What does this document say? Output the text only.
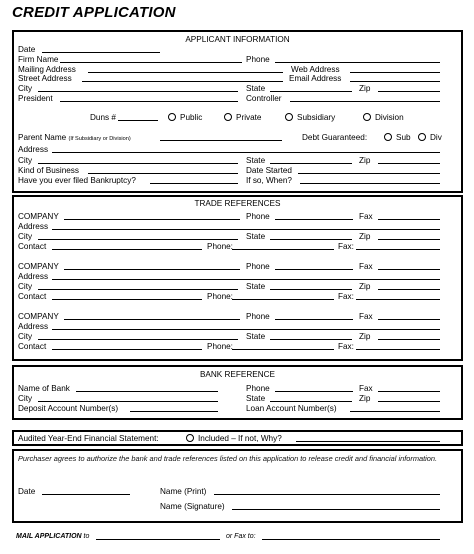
CREDIT APPLICATION
APPLICANT INFORMATION
Date
Firm Name	Phone
Mailing Address	Web Address
Street Address	Email Address
City	State	Zip
President	Controller
Duns #	Public	Private	Subsidiary	Division
Parent Name (If Subsidiary or Division)	Debt Guaranteed:	Sub	Div
Address
City	State	Zip
Kind of Business	Date Started
Have you ever filed Bankruptcy?	If so, When?
TRADE REFERENCES
COMPANY	Phone	Fax
Address
City	State	Zip
Contact	Phone:	Fax:
COMPANY	Phone	Fax
Address
City	State	Zip
Contact	Phone:	Fax:
COMPANY	Phone	Fax
Address
City	State	Zip
Contact	Phone:	Fax:
BANK REFERENCE
Name of Bank	Phone	Fax
City	State	Zip
Deposit Account Number(s)	Loan Account Number(s)
Audited Year-End Financial Statement:	Included – If not, Why?
Purchaser agrees to authorize the bank and trade references listed on this application to release credit and financial information.
Date	Name (Print)
Name (Signature)
MAIL APPLICATION to	or Fax to:
